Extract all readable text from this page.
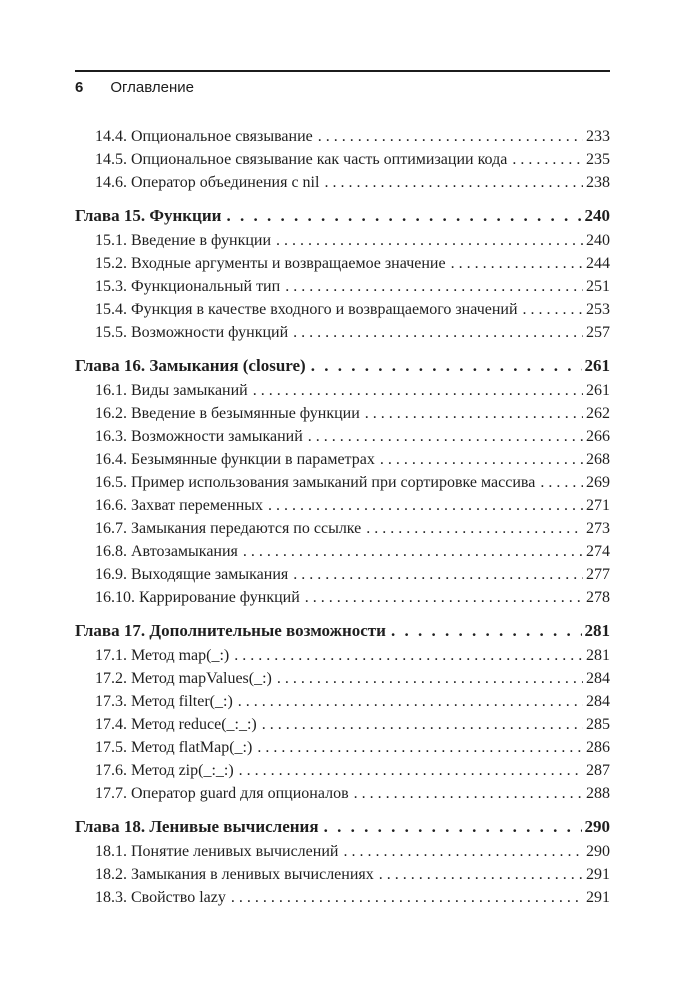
6 Оглавление
14.4. Опциональное связывание . . .	233
14.5. Опциональное связывание как часть оптимизации кода . . .	235
14.6. Оператор объединения с nil . . .	238
Глава 15. Функции . . .	240
15.1. Введение в функции . . .	240
15.2. Входные аргументы и возвращаемое значение . . .	244
15.3. Функциональный тип . . .	251
15.4. Функция в качестве входного и возвращаемого значений . . .	253
15.5. Возможности функций . . .	257
Глава 16. Замыкания (closure) . . .	261
16.1. Виды замыканий . . .	261
16.2. Введение в безымянные функции . . .	262
16.3. Возможности замыканий . . .	266
16.4. Безымянные функции в параметрах . . .	268
16.5. Пример использования замыканий при сортировке массива . . .	269
16.6. Захват переменных . . .	271
16.7. Замыкания передаются по ссылке . . .	273
16.8. Автозамыкания . . .	274
16.9. Выходящие замыкания . . .	277
16.10. Каррирование функций . . .	278
Глава 17. Дополнительные возможности . . .	281
17.1. Метод map(_:) . . .	281
17.2. Метод mapValues(_:) . . .	284
17.3. Метод filter(_:) . . .	284
17.4. Метод reduce(_:_:) . . .	285
17.5. Метод flatMap(_:) . . .	286
17.6. Метод zip(_:_:) . . .	287
17.7. Оператор guard для опционалов . . .	288
Глава 18. Ленивые вычисления . . .	290
18.1. Понятие ленивых вычислений . . .	290
18.2. Замыкания в ленивых вычислениях . . .	291
18.3. Свойство lazy . . .	291
